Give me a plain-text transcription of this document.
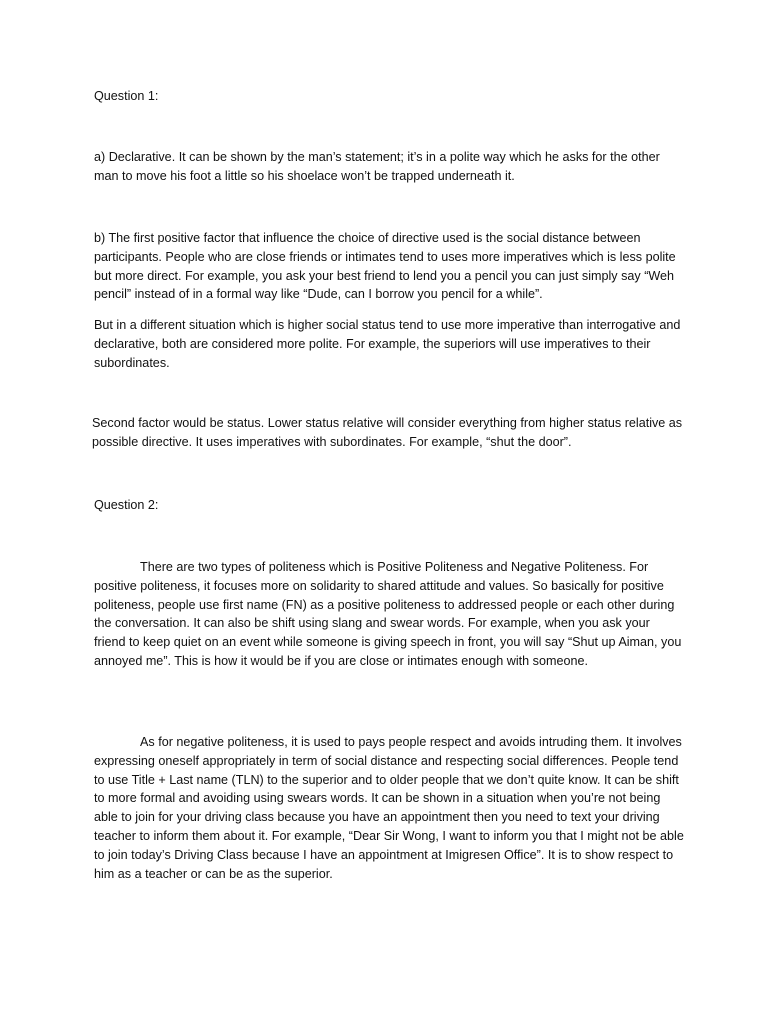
Question 1:

a) Declarative. It can be shown by the man’s statement; it’s in a polite way which he asks for the other man to move his foot a little so his shoelace won’t be trapped underneath it.

b) The first positive factor that influence the choice of directive used is the social distance between participants. People who are close friends or intimates tend to uses more imperatives which is less polite but more direct. For example, you ask your best friend to lend you a pencil you can just simply say “Weh pencil” instead of in a formal way like “Dude, can I borrow you pencil for a while”.

But in a different situation which is higher social status tend to use more imperative than interrogative and declarative, both are considered more polite. For example, the superiors will use imperatives to their subordinates.

Second factor would be status. Lower status relative will consider everything from higher status relative as possible directive. It uses imperatives with subordinates. For example, “shut the door”.

Question 2:

There are two types of politeness which is Positive Politeness and Negative Politeness. For positive politeness, it focuses more on solidarity to shared attitude and values. So basically for positive politeness, people use first name (FN) as a positive politeness to addressed people or each other during the conversation. It can also be shift using slang and swear words. For example, when you ask your friend to keep quiet on an event while someone is giving speech in front, you will say “Shut up Aiman, you annoyed me”. This is how it would be if you are close or intimates enough with someone.

As for negative politeness, it is used to pays people respect and avoids intruding them. It involves expressing oneself appropriately in term of social distance and respecting social differences. People tend to use Title + Last name (TLN) to the superior and to older people that we don’t quite know. It can be shift to more formal and avoiding using swears words. It can be shown in a situation when you’re not being able to join for your driving class because you have an appointment then you need to text your driving teacher to inform them about it. For example, “Dear Sir Wong, I want to inform you that I might not be able to join today’s Driving Class because I have an appointment at Imigresen Office”. It is to show respect to him as a teacher or can be as the superior.
